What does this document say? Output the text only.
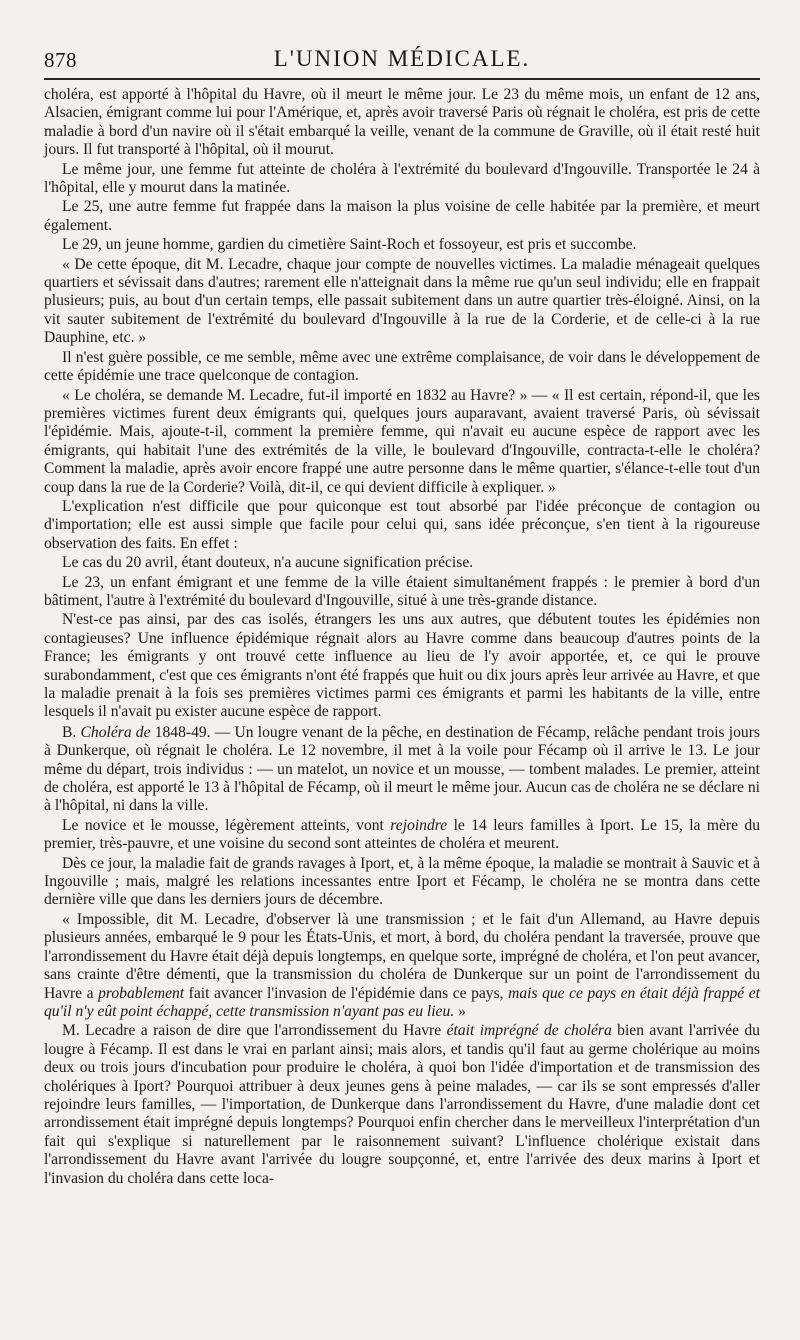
878	L'UNION MÉDICALE.

choléra, est apporté à l'hôpital du Havre, où il meurt le même jour. Le 23 du même mois, un enfant de 12 ans, Alsacien, émigrant comme lui pour l'Amérique, et, après avoir traversé Paris où régnait le choléra, est pris de cette maladie à bord d'un navire où il s'était embarqué la veille, venant de la commune de Graville, où il était resté huit jours. Il fut transporté à l'hôpital, où il mourut.

Le même jour, une femme fut atteinte de choléra à l'extrémité du boulevard d'Ingouville. Transportée le 24 à l'hôpital, elle y mourut dans la matinée.

Le 25, une autre femme fut frappée dans la maison la plus voisine de celle habitée par la première, et meurt également.

Le 29, un jeune homme, gardien du cimetière Saint-Roch et fossoyeur, est pris et succombe.

« De cette époque, dit M. Lecadre, chaque jour compte de nouvelles victimes. La maladie ménageait quelques quartiers et sévissait dans d'autres; rarement elle n'atteignait dans la même rue qu'un seul individu; elle en frappait plusieurs; puis, au bout d'un certain temps, elle passait subitement dans un autre quartier très-éloigné. Ainsi, on la vit sauter subitement de l'extrémité du boulevard d'Ingouville à la rue de la Corderie, et de celle-ci à la rue Dauphine, etc. »

Il n'est guère possible, ce me semble, même avec une extrême complaisance, de voir dans le développement de cette épidémie une trace quelconque de contagion.

« Le choléra, se demande M. Lecadre, fut-il importé en 1832 au Havre? » — « Il est certain, répond-il, que les premières victimes furent deux émigrants qui, quelques jours auparavant, avaient traversé Paris, où sévissait l'épidémie. Mais, ajoute-t-il, comment la première femme, qui n'avait eu aucune espèce de rapport avec les émigrants, qui habitait l'une des extrémités de la ville, le boulevard d'Ingouville, contracta-t-elle le choléra? Comment la maladie, après avoir encore frappé une autre personne dans le même quartier, s'élance-t-elle tout d'un coup dans la rue de la Corderie? Voilà, dit-il, ce qui devient difficile à expliquer. »

L'explication n'est difficile que pour quiconque est tout absorbé par l'idée préconçue de contagion ou d'importation; elle est aussi simple que facile pour celui qui, sans idée préconçue, s'en tient à la rigoureuse observation des faits. En effet :

Le cas du 20 avril, étant douteux, n'a aucune signification précise.

Le 23, un enfant émigrant et une femme de la ville étaient simultanément frappés : le premier à bord d'un bâtiment, l'autre à l'extrémité du boulevard d'Ingouville, situé à une très-grande distance.

N'est-ce pas ainsi, par des cas isolés, étrangers les uns aux autres, que débutent toutes les épidémies non contagieuses? Une influence épidémique régnait alors au Havre comme dans beaucoup d'autres points de la France; les émigrants y ont trouvé cette influence au lieu de l'y avoir apportée, et, ce qui le prouve surabondamment, c'est que ces émigrants n'ont été frappés que huit ou dix jours après leur arrivée au Havre, et que la maladie prenait à la fois ses premières victimes parmi ces émigrants et parmi les habitants de la ville, entre lesquels il n'avait pu exister aucune espèce de rapport.

B. Choléra de 1848-49. — Un lougre venant de la pêche, en destination de Fécamp, relâche pendant trois jours à Dunkerque, où régnait le choléra. Le 12 novembre, il met à la voile pour Fécamp où il arrive le 13. Le jour même du départ, trois individus : — un matelot, un novice et un mousse, — tombent malades. Le premier, atteint de choléra, est apporté le 13 à l'hôpital de Fécamp, où il meurt le même jour. Aucun cas de choléra ne se déclare ni à l'hôpital, ni dans la ville.

Le novice et le mousse, légèrement atteints, vont rejoindre le 14 leurs familles à Iport. Le 15, la mère du premier, très-pauvre, et une voisine du second sont atteintes de choléra et meurent.

Dès ce jour, la maladie fait de grands ravages à Iport, et, à la même époque, la maladie se montrait à Sauvic et à Ingouville ; mais, malgré les relations incessantes entre Iport et Fécamp, le choléra ne se montra dans cette dernière ville que dans les derniers jours de décembre.

« Impossible, dit M. Lecadre, d'observer là une transmission ; et le fait d'un Allemand, au Havre depuis plusieurs années, embarqué le 9 pour les États-Unis, et mort, à bord, du choléra pendant la traversée, prouve que l'arrondissement du Havre était déjà depuis longtemps, en quelque sorte, imprégné de choléra, et l'on peut avancer, sans crainte d'être démenti, que la transmission du choléra de Dunkerque sur un point de l'arrondissement du Havre a probablement fait avancer l'invasion de l'épidémie dans ce pays, mais que ce pays en était déjà frappé et qu'il n'y eût point échappé, cette transmission n'ayant pas eu lieu. »

M. Lecadre a raison de dire que l'arrondissement du Havre était imprégné de choléra bien avant l'arrivée du lougre à Fécamp. Il est dans le vrai en parlant ainsi; mais alors, et tandis qu'il faut au germe cholérique au moins deux ou trois jours d'incubation pour produire le choléra, à quoi bon l'idée d'importation et de transmission des cholériques à Iport? Pourquoi attribuer à deux jeunes gens à peine malades, — car ils se sont empressés d'aller rejoindre leurs familles, — l'importation, de Dunkerque dans l'arrondissement du Havre, d'une maladie dont cet arrondissement était imprégné depuis longtemps? Pourquoi enfin chercher dans le merveilleux l'interprétation d'un fait qui s'explique si naturellement par le raisonnement suivant? L'influence cholérique existait dans l'arrondissement du Havre avant l'arrivée du lougre soupçonné, et, entre l'arrivée des deux marins à Iport et l'invasion du choléra dans cette loca-
